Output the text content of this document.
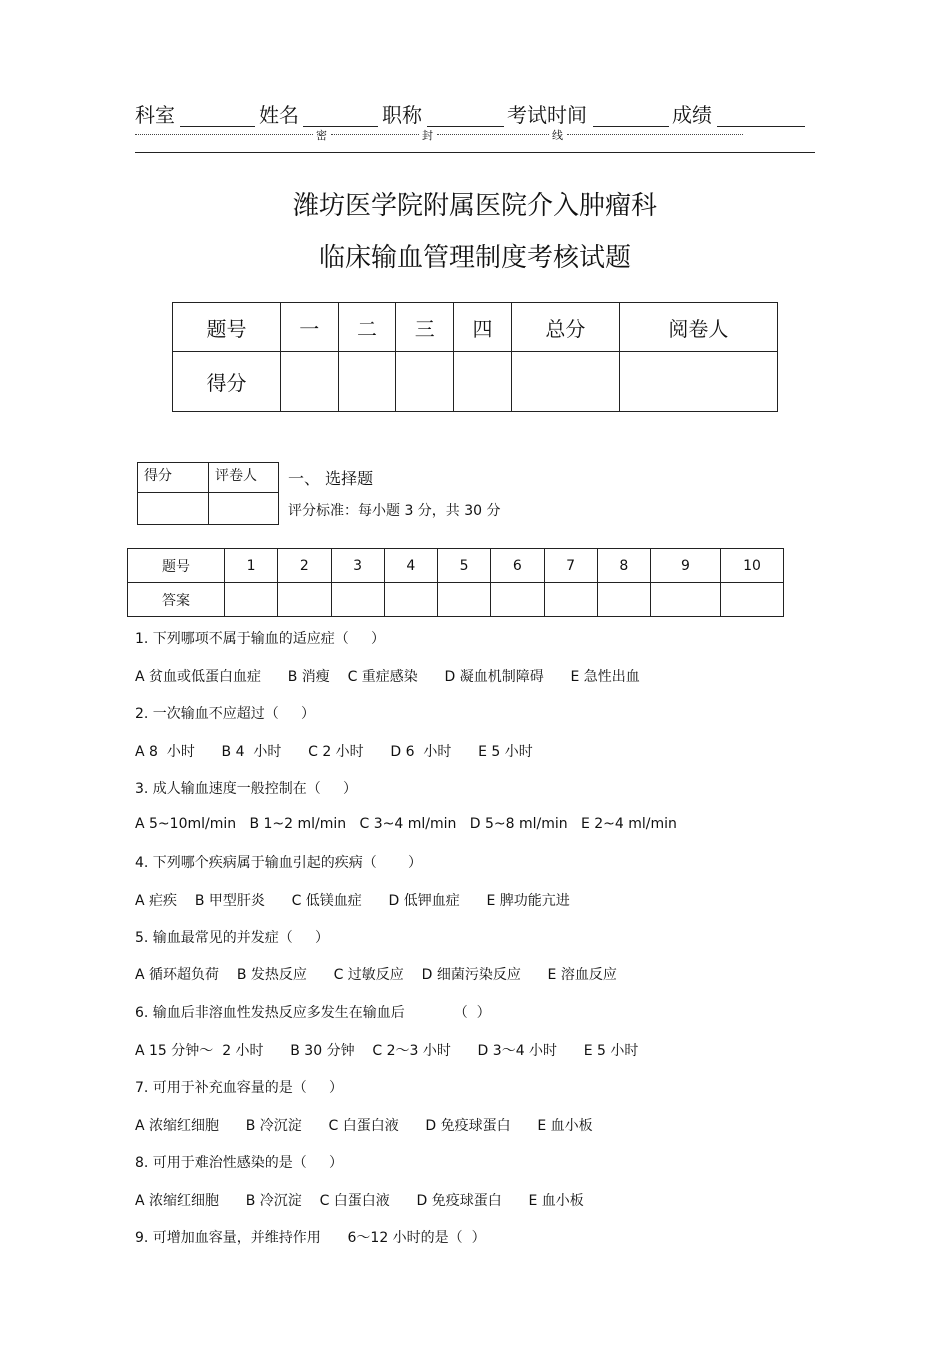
科室	姓名	职称	考试时间	成绩
密	封	线
潍坊医学院附属医院介入肿瘤科
临床输血管理制度考核试题
题号	一	二	三	四	总分	阅卷人
得分						
得分	评卷人
	一、 选择题
评分标准：每小题 3 分，共 30 分
题号	1	2	3	4	5	6	7	8	9	10
答案										
1. 下列哪项不属于输血的适应症（     ）
A 贫血或低蛋白血症      B 消瘦    C 重症感染      D 凝血机制障碍      E 急性出血
2. 一次输血不应超过（     ）
A 8  小时      B 4  小时      C 2 小时      D 6  小时      E 5 小时
3. 成人输血速度一般控制在（     ）
A 5~10ml/min   B 1~2 ml/min   C 3~4 ml/min   D 5~8 ml/min   E 2~4 ml/min
4. 下列哪个疾病属于输血引起的疾病（       ）
A 疟疾    B 甲型肝炎      C 低镁血症      D 低钾血症      E 脾功能亢进
5. 输血最常见的并发症（     ）
A 循环超负荷    B 发热反应      C 过敏反应    D 细菌污染反应      E 溶血反应
6. 输血后非溶血性发热反应多发生在输血后           （  ）
A 15 分钟～  2 小时      B 30 分钟    C 2～3 小时      D 3～4 小时      E 5 小时
7. 可用于补充血容量的是（     ）
A 浓缩红细胞      B 冷沉淀      C 白蛋白液      D 免疫球蛋白      E 血小板
8. 可用于难治性感染的是（     ）
A 浓缩红细胞      B 冷沉淀    C 白蛋白液      D 免疫球蛋白      E 血小板
9. 可增加血容量，并维持作用      6～12 小时的是（  ）
